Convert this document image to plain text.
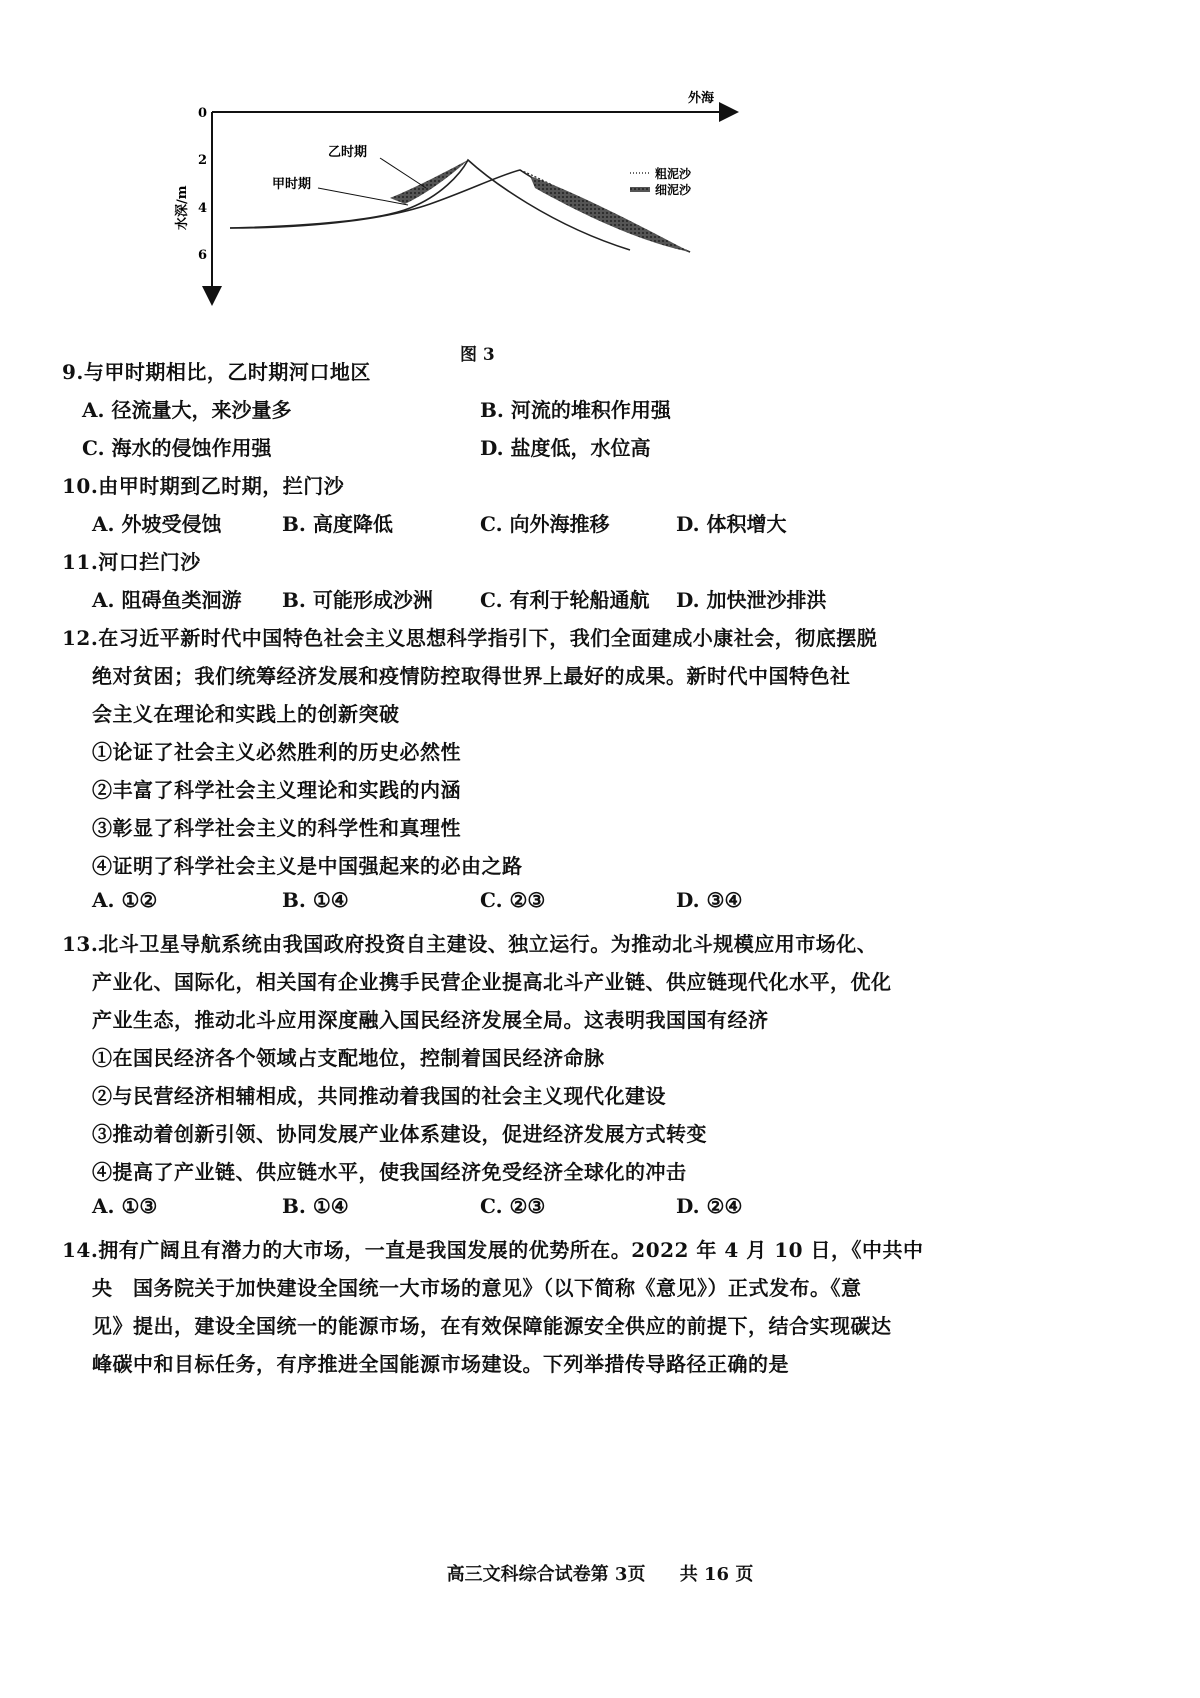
外海
0
2
4
6
水深/m
乙时期
甲时期
粗泥沙
细泥沙
图 3
9.与甲时期相比，乙时期河口地区
A. 径流量大，来沙量多	B. 河流的堆积作用强
C. 海水的侵蚀作用强	D. 盐度低，水位高
10.由甲时期到乙时期，拦门沙
A. 外坡受侵蚀	B. 高度降低	C. 向外海推移	D. 体积增大
11.河口拦门沙
A. 阻碍鱼类洄游 B. 可能形成沙洲 C. 有利于轮船通航 D. 加快泄沙排洪
12.在习近平新时代中国特色社会主义思想科学指引下，我们全面建成小康社会，彻底摆脱
绝对贫困；我们统筹经济发展和疫情防控取得世界上最好的成果。新时代中国特色社
会主义在理论和实践上的创新突破
①论证了社会主义必然胜利的历史必然性
②丰富了科学社会主义理论和实践的内涵
③彰显了科学社会主义的科学性和真理性
④证明了科学社会主义是中国强起来的必由之路
A. ①②	B. ①④	C. ②③	D. ③④
13.北斗卫星导航系统由我国政府投资自主建设、独立运行。为推动北斗规模应用市场化、
产业化、国际化，相关国有企业携手民营企业提高北斗产业链、供应链现代化水平，优化
产业生态，推动北斗应用深度融入国民经济发展全局。这表明我国国有经济
①在国民经济各个领域占支配地位，控制着国民经济命脉
②与民营经济相辅相成，共同推动着我国的社会主义现代化建设
③推动着创新引领、协同发展产业体系建设，促进经济发展方式转变
④提高了产业链、供应链水平，使我国经济免受经济全球化的冲击
A. ①③	B. ①④	C. ②③	D. ②④
14.拥有广阔且有潜力的大市场，一直是我国发展的优势所在。2022 年 4 月 10 日，《中共中
央　国务院关于加快建设全国统一大市场的意见》（以下简称《意见》）正式发布。《意
见》提出，建设全国统一的能源市场，在有效保障能源安全供应的前提下，结合实现碳达
峰碳中和目标任务，有序推进全国能源市场建设。下列举措传导路径正确的是
高三文科综合试卷第 3页 共 16 页
